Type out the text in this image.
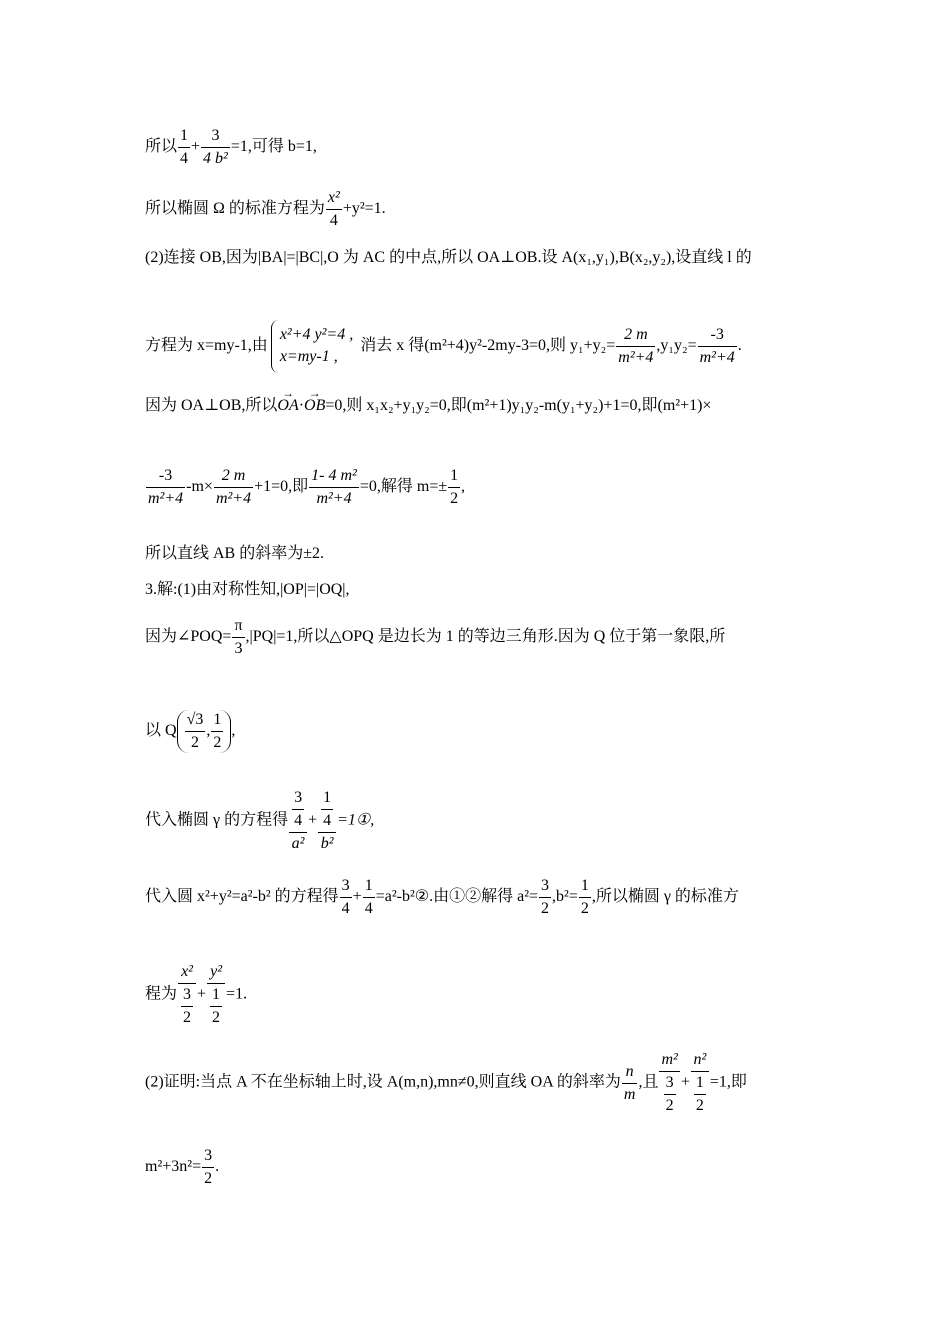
所以 $\frac{1}{4} + \frac{3}{\text{4 b²}} =1$,可得 b=1,
所以椭圆 Ω 的标准方程为 $\frac{\text{x²}}{4} +y^2=1$.
(2)连接 OB,因为|BA|=|BC|,O 为 AC 的中点,所以 OA⊥OB.设 A(x₁,y₁),B(x₂,y₂),设直线 l 的
方程为 x=my-1,由
x²+4 y²=4 ,
x=my-1 ,
消去 x 得(m²+4)y²-2my-3=0,则 $y_1+y_2= \frac{2 m}{\text{m²+4}} ,y_1y_2= \frac{-3}{\text{m²+4}}$ .
因为 OA⊥OB,所以→ OA·→ OB=0,则 x₁x₂+y₁y₂=0,即(m²+1)y₁y₂-m(y₁+y₂)+1=0,即(m²+1)×
$\frac{-3}{\text{m²+4}} -m\times \frac{2 m}{\text{m²+4}} +1=0$,即 $\frac{\text{1- 4 m²}}{\text{m²+4}} =0$,解得 $m=\pm \frac{1}{2}$ ,
所以直线 AB 的斜率为±2.
3.解:(1)由对称性知,|OP|=|OQ|,
因为∠POQ= $\frac{\pi}{3} ,|PQ|=1$,所以△OPQ 是边长为 1 的等边三角形.因为 Q 位于第一象限,所
以 Q $\frac{√3}{2}$ , $\frac{1}{2}$ ,
代入椭圆 γ 的方程得 $\frac{\frac{3}{4}}{\text{a²}} + \frac{\frac{1}{4}}{\text{b²}}$ =1①,
代入圆 x²+y²=a²-b² 的方程得 $\frac{3}{4} + \frac{1}{4}$ =a²-b²②.由①②解得 $a^2= \frac{3}{2} ,b^2= \frac{1}{2}$ ,所以椭圆 γ 的标准方
程为 $\frac{\text{x²}}{\frac{3}{2}} + \frac{\text{y²}}{\frac{1}{2}} =1$.
(2)证明:当点 A 不在坐标轴上时,设 A(m,n),mn≠0,则直线 OA 的斜率为 $\frac{n}{m}$ ,且 $\frac{\text{m²}}{\frac{3}{2}} + \frac{\text{n²}}{\frac{1}{2}} =1$,即
$m^2+3n^2= \frac{3}{2}$ .
